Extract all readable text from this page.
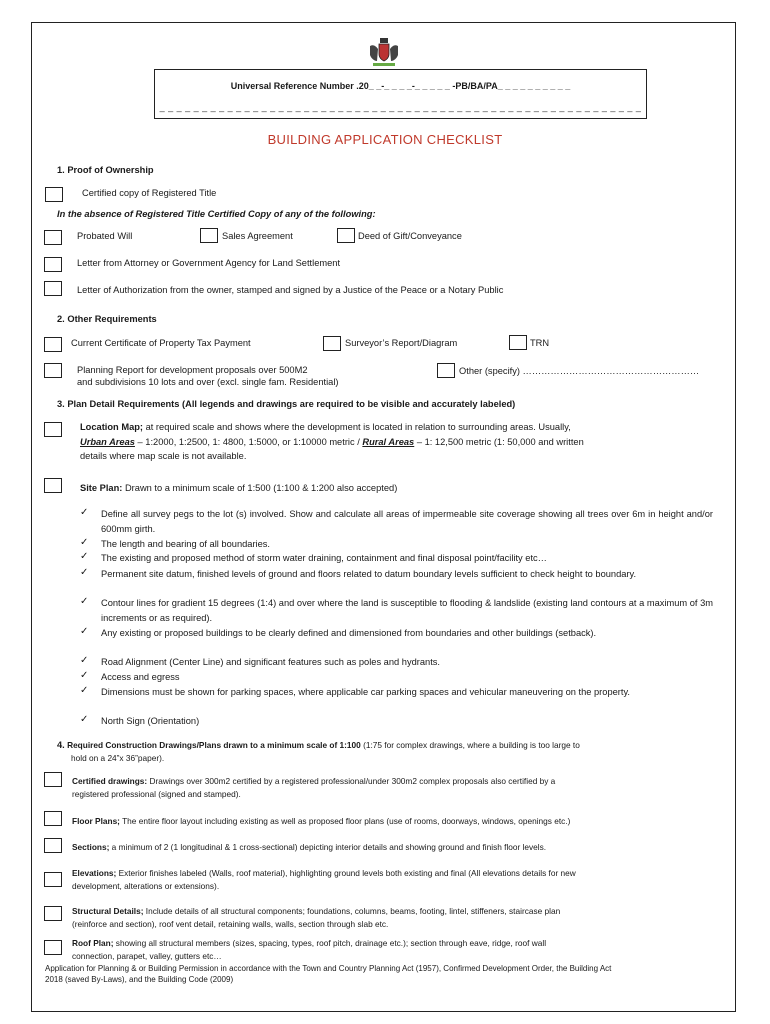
Universal Reference Number .20_ _-_ _ _ _-_ _ _ _ _ -PB/BA/PA_ _ _ _ _ _ _ _ _ _
_ _ _ _ _ _ _ _ _ _ _ _ _ _ _ _ _ _ _ _ _ _ _ _ _ _ _ _ _ _ _ _ _ _ _ _ _ _ _ _ _ _ _ _ _ _ _ _ _ _ _ _ _ _ _ _ _
BUILDING APPLICATION CHECKLIST
1. Proof of Ownership
Certified copy of Registered Title
In the absence of Registered Title Certified Copy of any of the following:
Probated Will	Sales Agreement	Deed of Gift/Conveyance
Letter from Attorney or Government Agency for Land Settlement
Letter of Authorization from the owner, stamped and signed by a Justice of the Peace or a Notary Public
2. Other Requirements
Current Certificate of Property Tax Payment	Surveyor’s Report/Diagram	TRN
Planning Report for development proposals over 500M2
and subdivisions 10 lots and over (excl. single fam. Residential)
Other (specify) …………………………………………………
3. Plan Detail Requirements (All legends and drawings are required to be visible and accurately labeled)
Location Map; at required scale and shows where the development is located in relation to surrounding areas. Usually,
Urban Areas – 1:2000, 1:2500, 1: 4800, 1:5000, or 1:10000 metric / Rural Areas – 1: 12,500 metric (1: 50,000 and written
details where map scale is not available.
Site Plan: Drawn to a minimum scale of 1:500 (1:100 & 1:200 also accepted)
✓ Define all survey pegs to the lot (s) involved. Show and calculate all areas of impermeable site coverage showing all trees over 6m in height and/or 600mm girth.
✓ The length and bearing of all boundaries.
✓ The existing and proposed method of storm water draining, containment and final disposal point/facility etc…
✓ Permanent site datum, finished levels of ground and floors related to datum boundary levels sufficient to check height to boundary.
✓ Contour lines for gradient 15 degrees (1:4) and over where the land is susceptible to flooding & landslide (existing land contours at a maximum of 3m increments or as required).
✓ Any existing or proposed buildings to be clearly defined and dimensioned from boundaries and other buildings (setback).
✓ Road Alignment (Center Line) and significant features such as poles and hydrants.
✓ Access and egress
✓ Dimensions must be shown for parking spaces, where applicable car parking spaces and vehicular maneuvering on the property.
✓ North Sign (Orientation)
4. Required Construction Drawings/Plans drawn to a minimum scale of 1:100 (1:75 for complex drawings, where a building is too large to
hold on a 24”x 36”paper).
Certified drawings: Drawings over 300m2 certified by a registered professional/under 300m2 complex proposals also certified by a
registered professional (signed and stamped).
Floor Plans; The entire floor layout including existing as well as proposed floor plans (use of rooms, doorways, windows, openings etc.)
Sections; a minimum of 2 (1 longitudinal & 1 cross-sectional) depicting interior details and showing ground and finish floor levels.
Elevations; Exterior finishes labeled (Walls, roof material), highlighting ground levels both existing and final (All elevations details for new
development, alterations or extensions).
Structural Details; Include details of all structural components; foundations, columns, beams, footing, lintel, stiffeners, staircase plan
(reinforce and section), roof vent detail, retaining walls, walls, section through slab etc.
Roof Plan; showing all structural members (sizes, spacing, types, roof pitch, drainage etc.); section through eave, ridge, roof wall
connection, parapet, valley, gutters etc…
Application for Planning & or Building Permission in accordance with the Town and Country Planning Act (1957), Confirmed Development Order, the Building Act
2018 (saved By-Laws), and the Building Code (2009)
